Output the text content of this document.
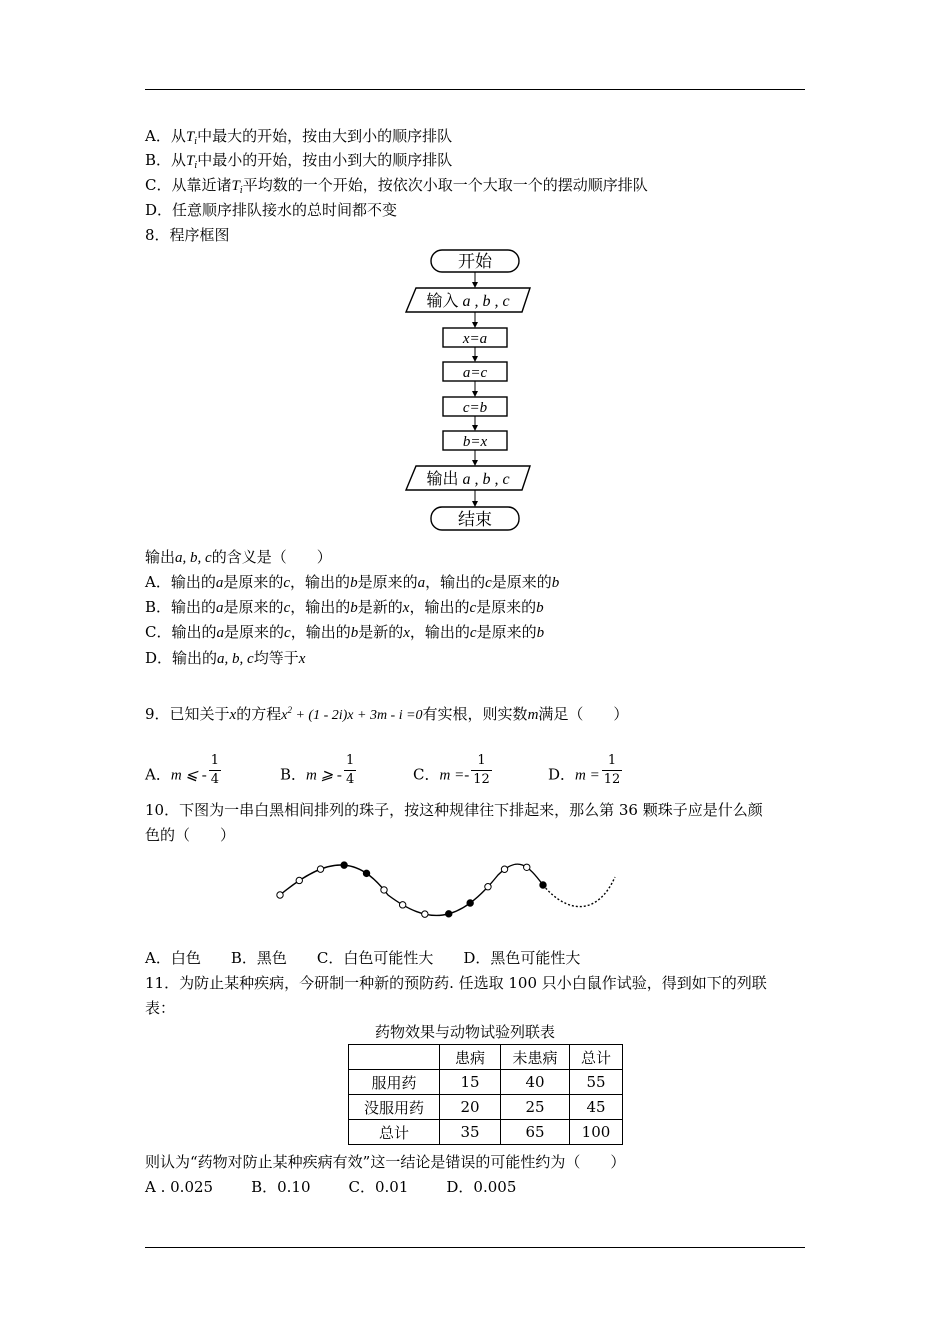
A．从$T_i$中最大的开始，按由大到小的顺序排队
B．从$T_i$中最小的开始，按由小到大的顺序排队
C．从靠近诸$T_i$平均数的一个开始，按依次小取一个大取一个的摆动顺序排队
D．任意顺序排队接水的总时间都不变
8．程序框图
开始
输入 a , b , c
x=a
a=c
c=b
b=x
输出 a , b , c
结束
输出a, b, c的含义是（　　）
A．输出的a是原来的c，输出的b是原来的a，输出的c是原来的b
B．输出的a是原来的c，输出的b是新的x，输出的c是原来的b
C．输出的a是原来的c，输出的b是新的x，输出的c是原来的b
D．输出的a, b, c均等于x
9．已知关于x的方程$x^2 + (1 - 2i)x + 3m - i =0$有实根，则实数m满足（　　）
A．m ⩽ - $\frac{1}{4}$	B．m ⩾ - $\frac{1}{4}$	C．$m =- \frac{1}{12}$	D．$m = \frac{1}{12}$
10．下图为一串白黑相间排列的珠子，按这种规律往下排起来，那么第 36 颗珠子应是什么颜
色的（　　）
A．白色 B．黑色 C．白色可能性大 D．黑色可能性大
11．为防止某种疾病，今研制一种新的预防药. 任选取 100 只小白鼠作试验，得到如下的列联
表：
药物效果与动物试验列联表
	患病	未患病	总计
服用药	15	40	55
没服用药	20	25	45
总计	35	65	100
则认为“药物对防止某种疾病有效”这一结论是错误的可能性约为（　　）
A . 0.025	B．0.10	C．0.01	D．0.005
